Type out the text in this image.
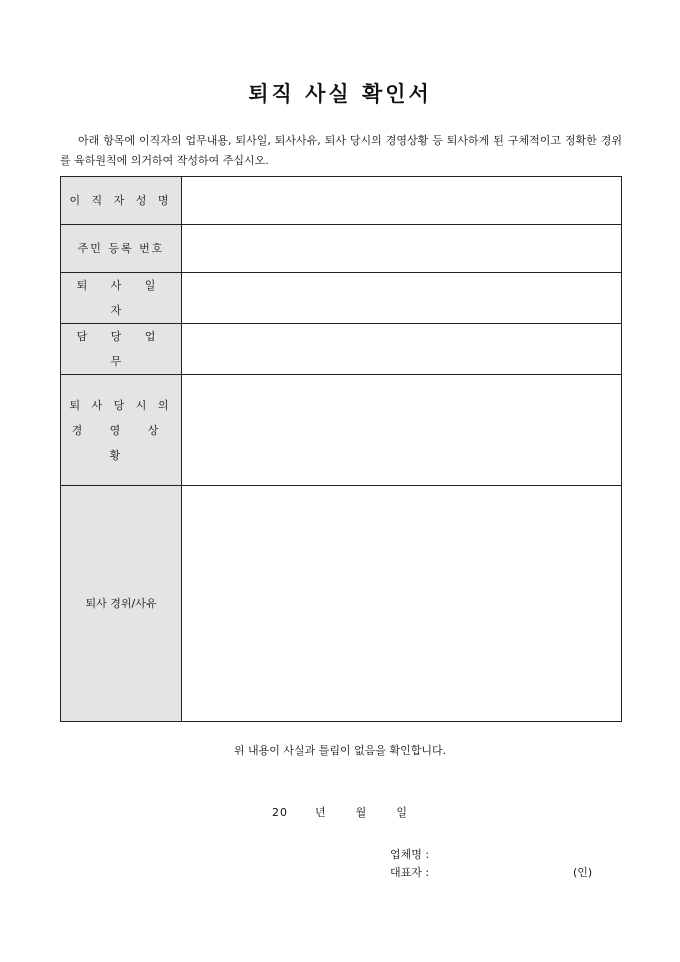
퇴직 사실 확인서
아래 항목에 이직자의 업무내용, 퇴사일, 퇴사사유, 퇴사 당시의 경영상황 등 퇴사하게 된 구체적이고 정확한 경위를 육하원칙에 의거하여 작성하여 주십시오.
이 직 자 성 명	
주민 등록 번호	
퇴 사 일 자	
담 당 업 무	

퇴 사 당 시 의
경 영 상 황	

퇴사 경위/사유	
위 내용이 사실과 틀림이 없음을 확인합니다.
20 년	월	일
업체명 :
대표자 :	(인)
